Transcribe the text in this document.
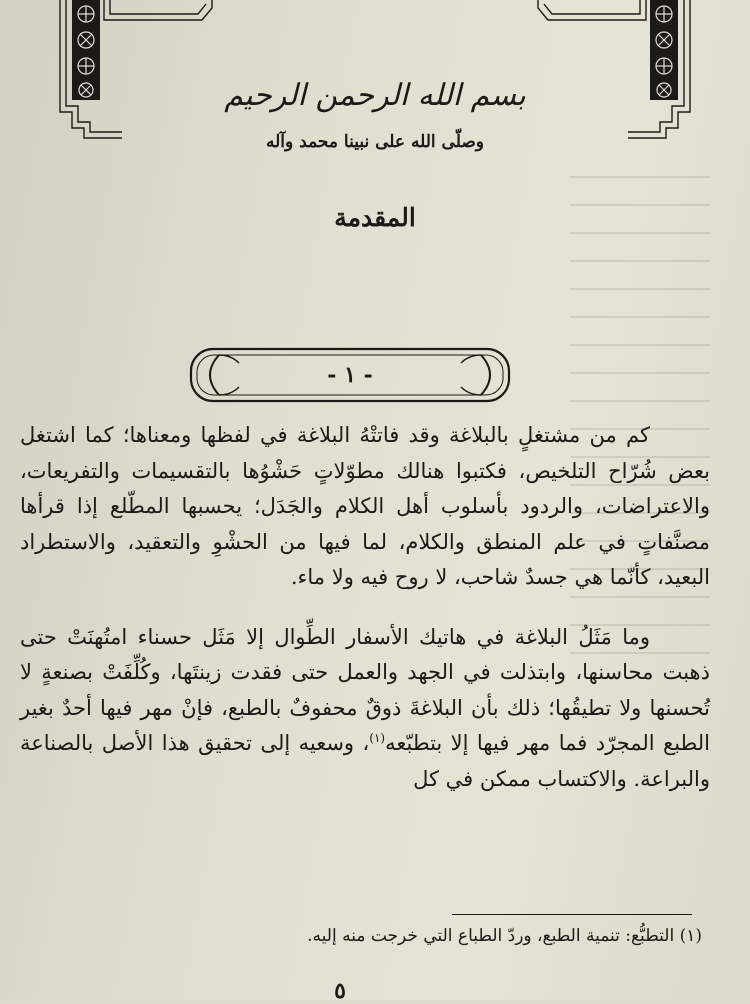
بسم الله الرحمن الرحيم
وصلّى الله على نبينا محمد وآله
المقدمة
- ١ -

كم من مشتغلٍ بالبلاغة وقد فاتتْهُ البلاغة في لفظها ومعناها؛ كما اشتغل بعض شُرّاح التلخيص، فكتبوا هنالك مطوّلاتٍ حَشْوُها بالتقسيمات والتفريعات، والاعتراضات، والردود بأسلوب أهل الكلام والجَدَل؛ يحسبها المطّلع إذا قرأها مصنَّفاتٍ في علم المنطق والكلام، لما فيها من الحشْوِ والتعقيد، والاستطراد البعيد، كأنّما هي جسدٌ شاحب، لا روح فيه ولا ماء.

وما مَثَلُ البلاغة في هاتيك الأسفار الطِّوال إلا مَثَل حسناء امتُهنَتْ حتى ذهبت محاسنها، وابتذلت في الجهد والعمل حتى فقدت زينتَها، وكُلِّفَتْ بصنعةٍ لا تُحسنها ولا تطيقُها؛ ذلك بأن البلاغةَ ذوقٌ محفوفٌ بالطبع، فإنْ مهر فيها أحدٌ بغير الطبع المجرّد فما مهر فيها إلا بتطبّعه$^{(١)}$، وسعيه إلى تحقيق هذا الأصل بالصناعة والبراعة. والاكتساب ممكن في كل

(١) التطبُّع: تنمية الطبع، وردّ الطباع التي خرجت منه إليه.
٥
